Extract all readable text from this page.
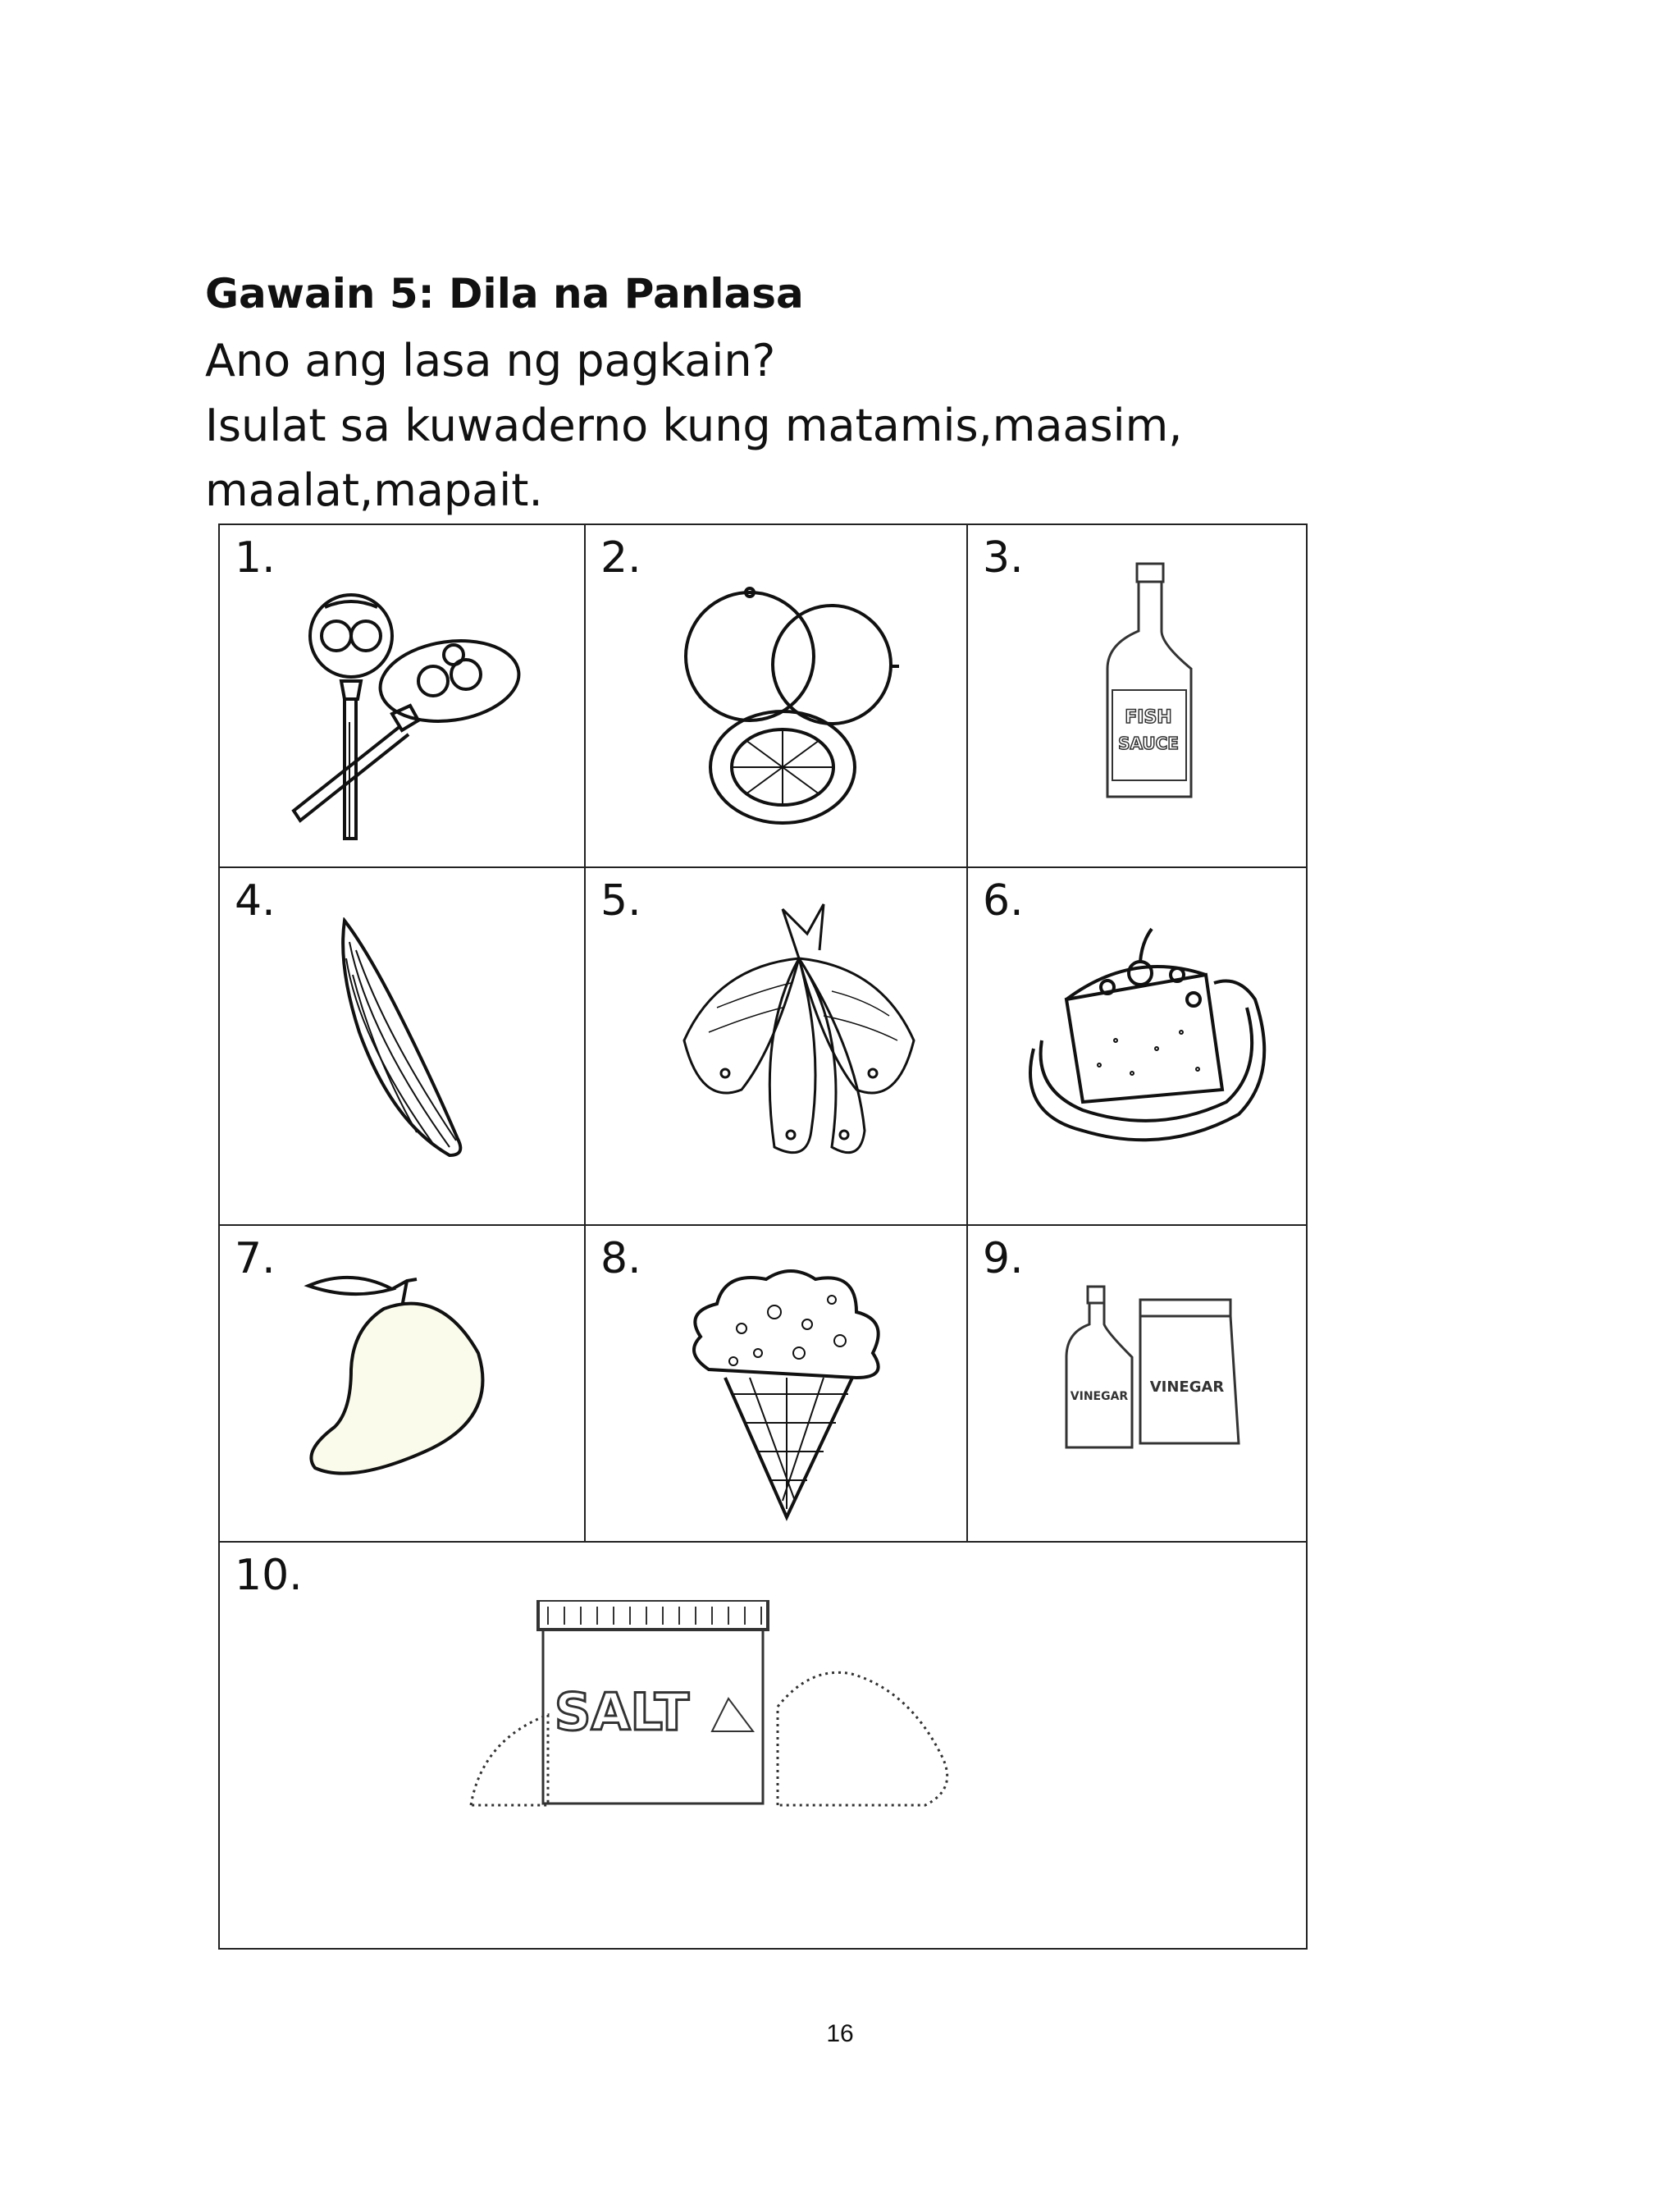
Gawain 5: Dila na Panlasa

Ano ang lasa ng pagkain?

Isulat sa kuwaderno kung matamis,maasim,

maalat,mapait.

1.	2.	3.
FISH
SAUCE
4.	5.	6.
7.	8.	9.
VINEGAR
VINEGAR
10.
SALT
16
